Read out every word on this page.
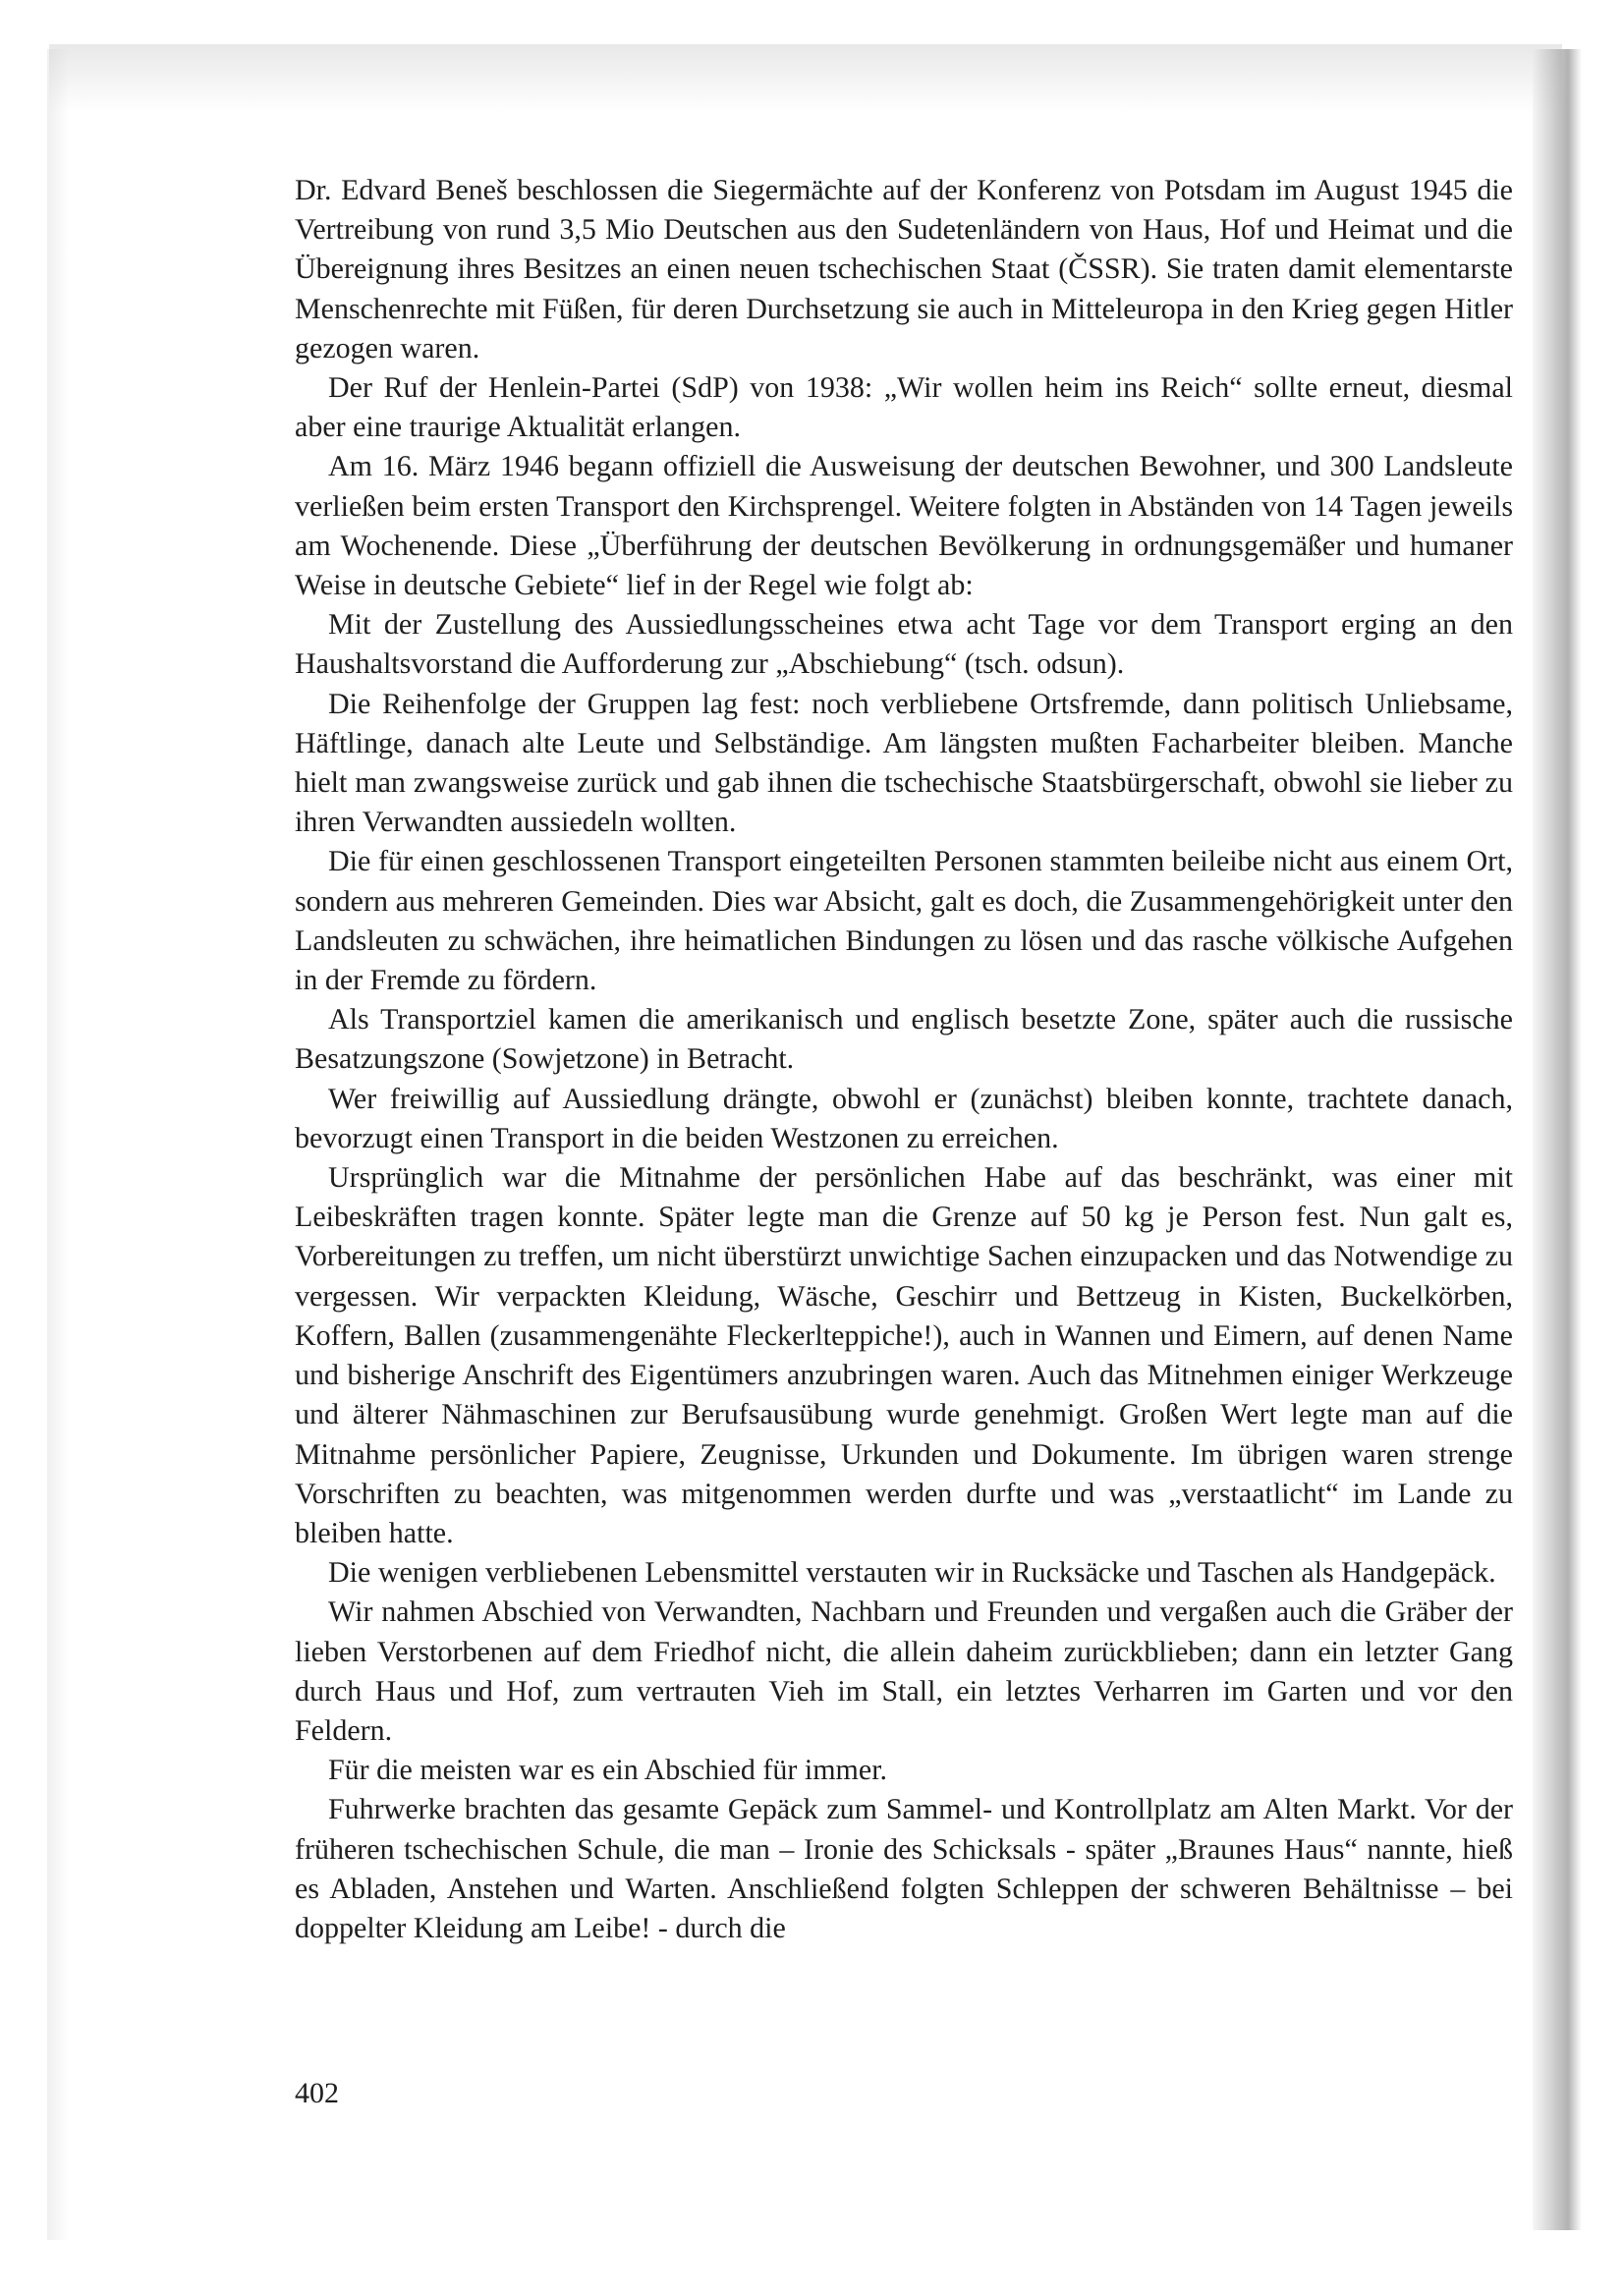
Dr. Edvard Beneš beschlossen die Siegermächte auf der Konferenz von Potsdam im August 1945 die Vertreibung von rund 3,5 Mio Deutschen aus den Sudetenländern von Haus, Hof und Heimat und die Übereignung ihres Besitzes an einen neuen tschechischen Staat (ČSSR). Sie traten damit elementarste Menschenrechte mit Füßen, für deren Durchsetzung sie auch in Mitteleuropa in den Krieg gegen Hitler gezogen waren.

Der Ruf der Henlein-Partei (SdP) von 1938: „Wir wollen heim ins Reich“ sollte erneut, diesmal aber eine traurige Aktualität erlangen.

Am 16. März 1946 begann offiziell die Ausweisung der deutschen Bewohner, und 300 Landsleute verließen beim ersten Transport den Kirchsprengel. Weitere folgten in Abständen von 14 Tagen jeweils am Wochenende. Diese „Überführung der deutschen Bevölkerung in ordnungsgemäßer und humaner Weise in deutsche Gebiete“ lief in der Regel wie folgt ab:

Mit der Zustellung des Aussiedlungsscheines etwa acht Tage vor dem Transport erging an den Haushaltsvorstand die Aufforderung zur „Abschiebung“ (tsch. odsun).

Die Reihenfolge der Gruppen lag fest: noch verbliebene Ortsfremde, dann politisch Unliebsame, Häftlinge, danach alte Leute und Selbständige. Am längsten mußten Facharbeiter bleiben. Manche hielt man zwangsweise zurück und gab ihnen die tschechische Staatsbürgerschaft, obwohl sie lieber zu ihren Verwandten aussiedeln wollten.

Die für einen geschlossenen Transport eingeteilten Personen stammten beileibe nicht aus einem Ort, sondern aus mehreren Gemeinden. Dies war Absicht, galt es doch, die Zusammengehörigkeit unter den Landsleuten zu schwächen, ihre heimatlichen Bindungen zu lösen und das rasche völkische Aufgehen in der Fremde zu fördern.

Als Transportziel kamen die amerikanisch und englisch besetzte Zone, später auch die russische Besatzungszone (Sowjetzone) in Betracht.

Wer freiwillig auf Aussiedlung drängte, obwohl er (zunächst) bleiben konnte, trachtete danach, bevorzugt einen Transport in die beiden Westzonen zu erreichen.

Ursprünglich war die Mitnahme der persönlichen Habe auf das beschränkt, was einer mit Leibeskräften tragen konnte. Später legte man die Grenze auf 50 kg je Person fest. Nun galt es, Vorbereitungen zu treffen, um nicht überstürzt unwichtige Sachen einzupacken und das Notwendige zu vergessen. Wir verpackten Kleidung, Wäsche, Geschirr und Bettzeug in Kisten, Buckelkörben, Koffern, Ballen (zusammengenähte Fleckerlteppiche!), auch in Wannen und Eimern, auf denen Name und bisherige Anschrift des Eigentümers anzubringen waren. Auch das Mitnehmen einiger Werkzeuge und älterer Nähmaschinen zur Berufsausübung wurde genehmigt. Großen Wert legte man auf die Mitnahme persönlicher Papiere, Zeugnisse, Urkunden und Dokumente. Im übrigen waren strenge Vorschriften zu beachten, was mitgenommen werden durfte und was „verstaatlicht“ im Lande zu bleiben hatte.

Die wenigen verbliebenen Lebensmittel verstauten wir in Rucksäcke und Taschen als Handgepäck.

Wir nahmen Abschied von Verwandten, Nachbarn und Freunden und vergaßen auch die Gräber der lieben Verstorbenen auf dem Friedhof nicht, die allein daheim zurückblieben; dann ein letzter Gang durch Haus und Hof, zum vertrauten Vieh im Stall, ein letztes Verharren im Garten und vor den Feldern.

Für die meisten war es ein Abschied für immer.

Fuhrwerke brachten das gesamte Gepäck zum Sammel- und Kontrollplatz am Alten Markt. Vor der früheren tschechischen Schule, die man – Ironie des Schicksals - später „Braunes Haus“ nannte, hieß es Abladen, Anstehen und Warten. Anschließend folgten Schleppen der schweren Behältnisse – bei doppelter Kleidung am Leibe! - durch die

402
